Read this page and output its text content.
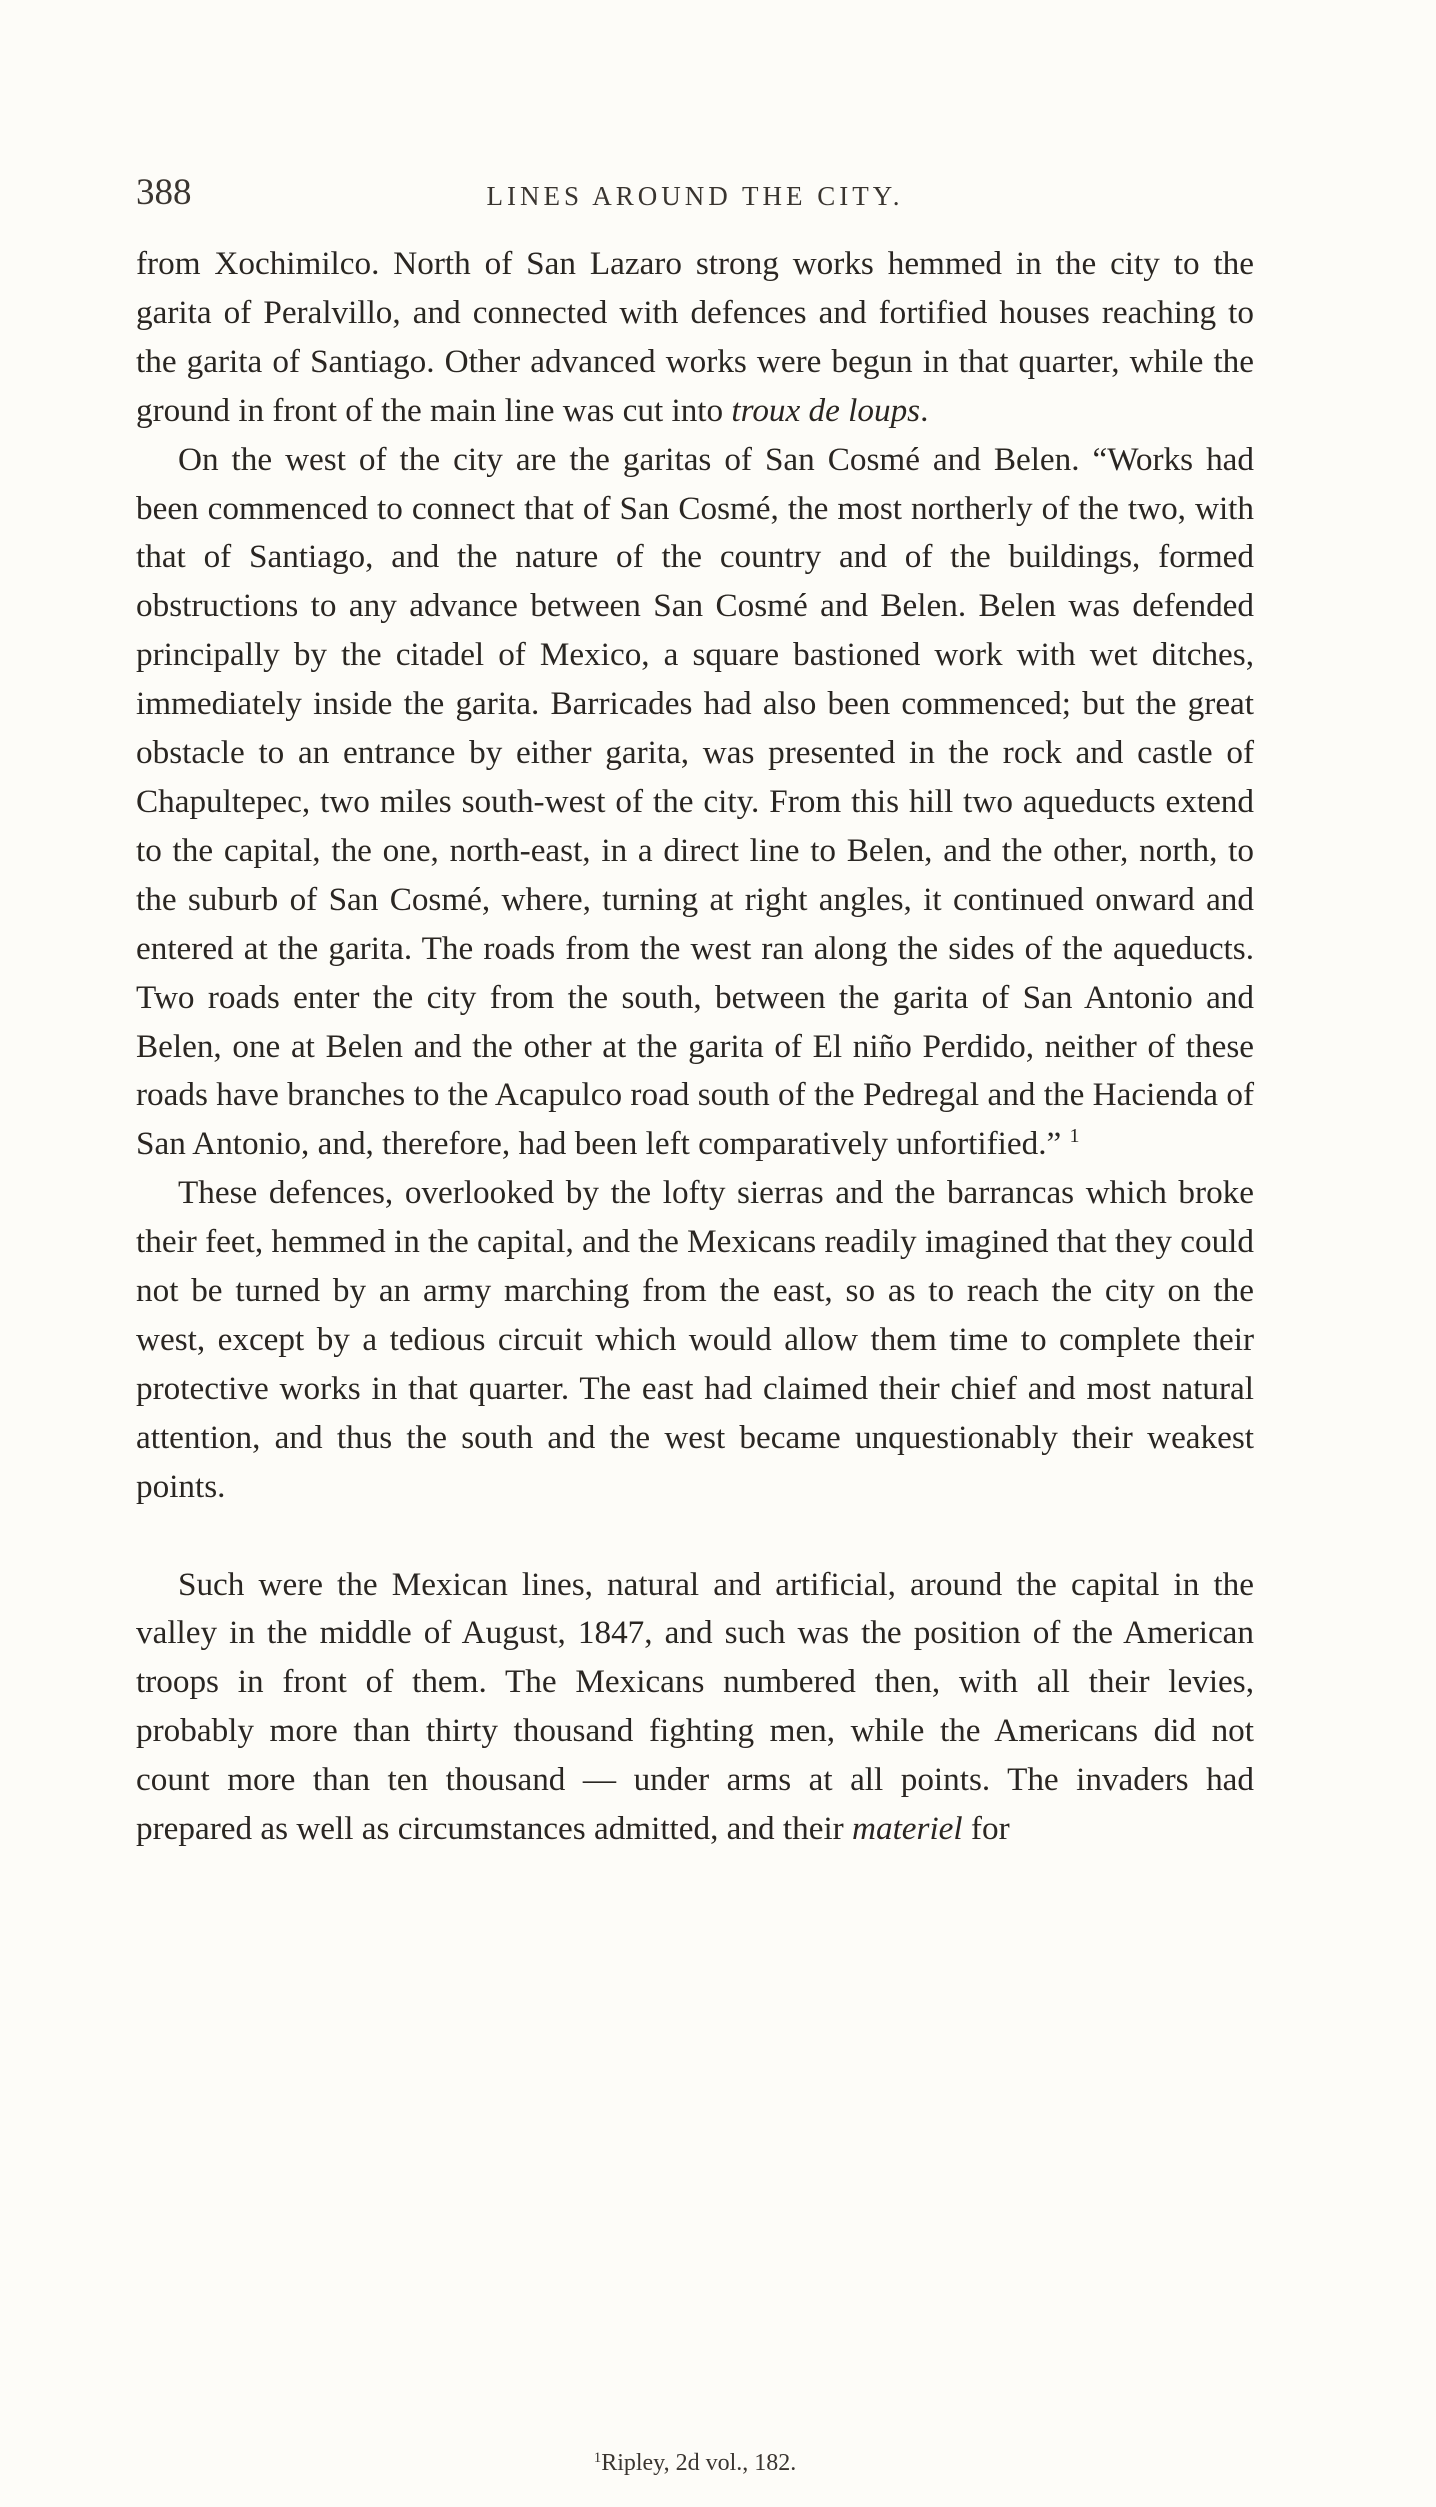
388	LINES AROUND THE CITY.

from Xochimilco. North of San Lazaro strong works hemmed in the city to the garita of Peralvillo, and connected with defences and fortified houses reaching to the garita of Santiago. Other advanced works were begun in that quarter, while the ground in front of the main line was cut into troux de loups.

On the west of the city are the garitas of San Cosmé and Belen. “Works had been commenced to connect that of San Cosmé, the most northerly of the two, with that of Santiago, and the nature of the country and of the buildings, formed obstructions to any advance between San Cosmé and Belen. Belen was defended principally by the citadel of Mexico, a square bastioned work with wet ditches, immediately inside the garita. Barricades had also been commenced; but the great obstacle to an entrance by either garita, was presented in the rock and castle of Chapultepec, two miles south-west of the city. From this hill two aqueducts extend to the capital, the one, north-east, in a direct line to Belen, and the other, north, to the suburb of San Cosmé, where, turning at right angles, it continued onward and entered at the garita. The roads from the west ran along the sides of the aqueducts. Two roads enter the city from the south, between the garita of San Antonio and Belen, one at Belen and the other at the garita of El niño Perdido, neither of these roads have branches to the Acapulco road south of the Pedregal and the Hacienda of San Antonio, and, therefore, had been left comparatively unfortified.” $^1$

These defences, overlooked by the lofty sierras and the barrancas which broke their feet, hemmed in the capital, and the Mexicans readily imagined that they could not be turned by an army marching from the east, so as to reach the city on the west, except by a tedious circuit which would allow them time to complete their protective works in that quarter. The east had claimed their chief and most natural attention, and thus the south and the west became unquestionably their weakest points.

Such were the Mexican lines, natural and artificial, around the capital in the valley in the middle of August, 1847, and such was the position of the American troops in front of them. The Mexicans numbered then, with all their levies, probably more than thirty thousand fighting men, while the Americans did not count more than ten thousand — under arms at all points. The invaders had prepared as well as circumstances admitted, and their materiel for

$^1$Ripley, 2d vol., 182.
